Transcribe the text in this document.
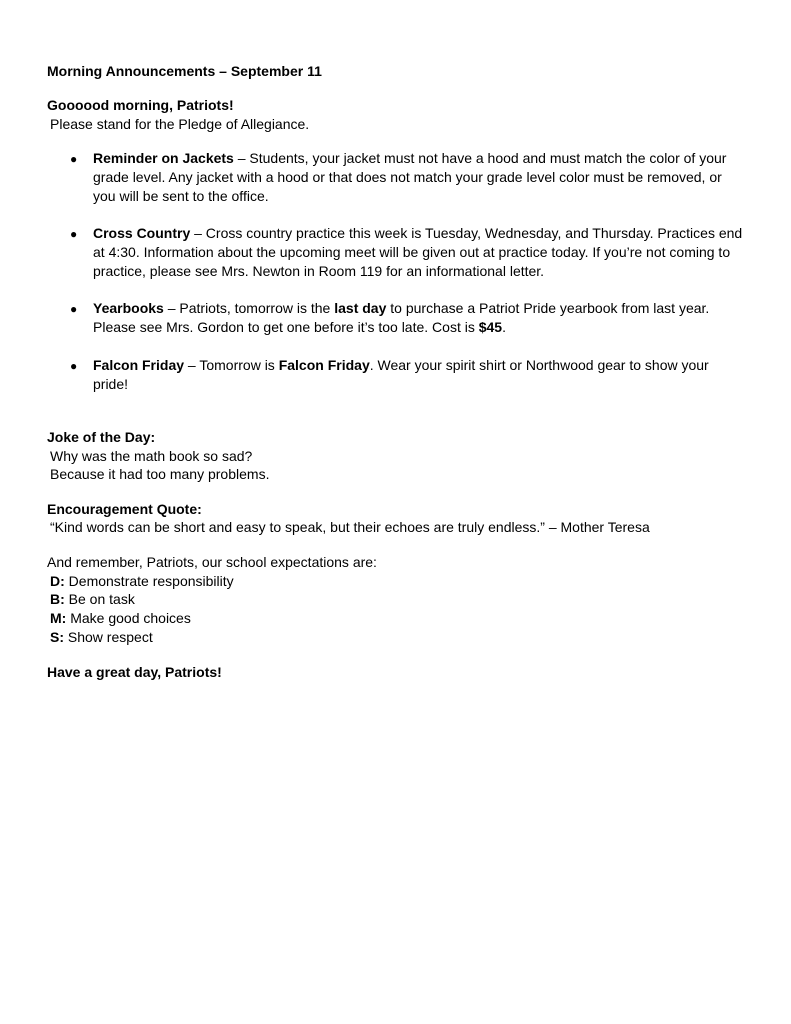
Morning Announcements – September 11
Goooood morning, Patriots!
Please stand for the Pledge of Allegiance.
● Reminder on Jackets – Students, your jacket must not have a hood and must match the color of your grade level. Any jacket with a hood or that does not match your grade level color must be removed, or you will be sent to the office.
● Cross Country – Cross country practice this week is Tuesday, Wednesday, and Thursday. Practices end at 4:30. Information about the upcoming meet will be given out at practice today. If you’re not coming to practice, please see Mrs. Newton in Room 119 for an informational letter.
● Yearbooks – Patriots, tomorrow is the last day to purchase a Patriot Pride yearbook from last year. Please see Mrs. Gordon to get one before it’s too late. Cost is $45.
● Falcon Friday – Tomorrow is Falcon Friday. Wear your spirit shirt or Northwood gear to show your pride!
Joke of the Day:
Why was the math book so sad?
Because it had too many problems.
Encouragement Quote:
“Kind words can be short and easy to speak, but their echoes are truly endless.” – Mother Teresa
And remember, Patriots, our school expectations are:
D: Demonstrate responsibility
B: Be on task
M: Make good choices
S: Show respect
Have a great day, Patriots!
